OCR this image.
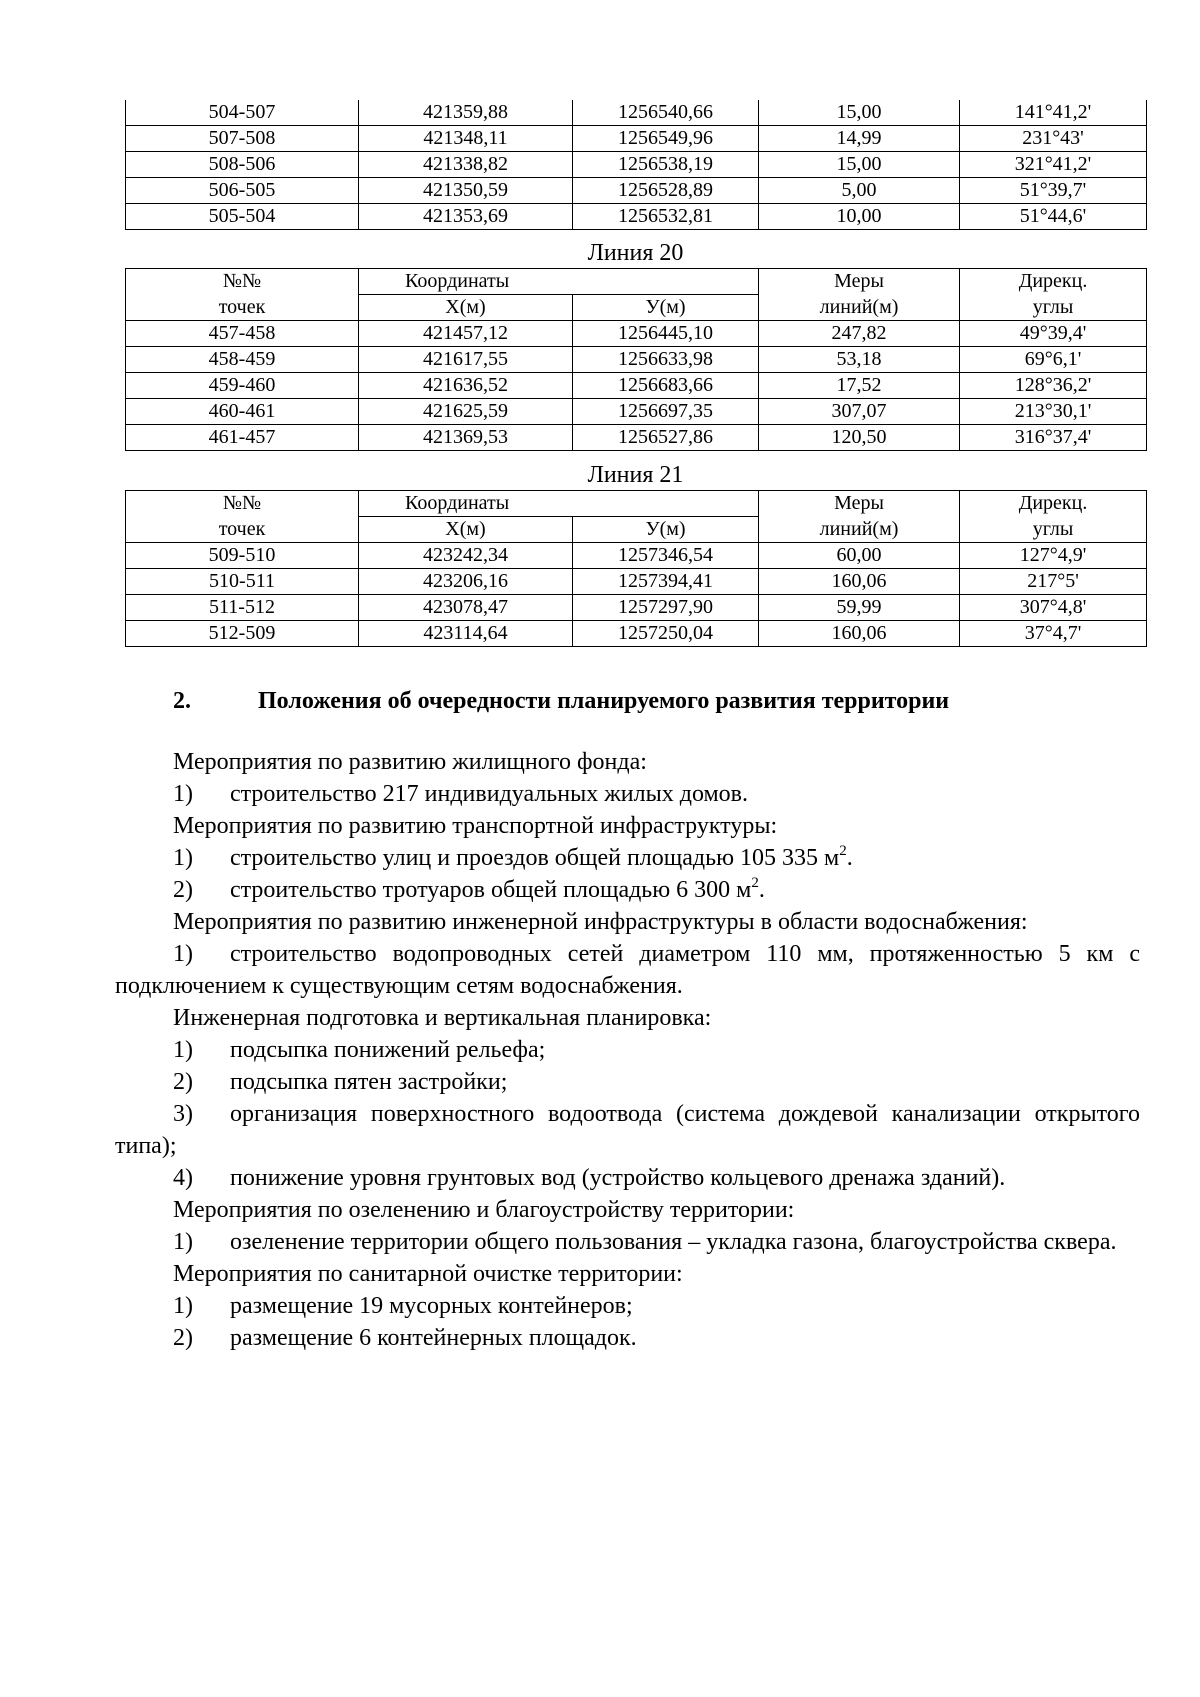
504-507	421359,88	1256540,66	15,00	141°41,2'
507-508	421348,11	1256549,96	14,99	231°43'
508-506	421338,82	1256538,19	15,00	321°41,2'
506-505	421350,59	1256528,89	5,00	51°39,7'
505-504	421353,69	1256532,81	10,00	51°44,6'
Линия 20
№№	Координаты		Меры	Дирекц.
точек	Х(м)	У(м)	линий(м)	углы
457-458	421457,12	1256445,10	247,82	49°39,4'
458-459	421617,55	1256633,98	53,18	69°6,1'
459-460	421636,52	1256683,66	17,52	128°36,2'
460-461	421625,59	1256697,35	307,07	213°30,1'
461-457	421369,53	1256527,86	120,50	316°37,4'
Линия 21
№№	Координаты		Меры	Дирекц.
точек	Х(м)	У(м)	линий(м)	углы
509-510	423242,34	1257346,54	60,00	127°4,9'
510-511	423206,16	1257394,41	160,06	217°5'
511-512	423078,47	1257297,90	59,99	307°4,8'
512-509	423114,64	1257250,04	160,06	37°4,7'
2.	Положения об очередности планируемого развития территории
Мероприятия по развитию жилищного фонда:
1) строительство 217 индивидуальных жилых домов.
Мероприятия по развитию транспортной инфраструктуры:
1) строительство улиц и проездов общей площадью 105 335 $м^2$.
2) строительство тротуаров общей площадью 6 300 $м^2$.
Мероприятия по развитию инженерной инфраструктуры в области водоснабжения:
1) строительство водопроводных сетей диаметром 110 мм, протяженностью 5 км с подключением к существующим сетям водоснабжения.
Инженерная подготовка и вертикальная планировка:
1) подсыпка понижений рельефа;
2) подсыпка пятен застройки;
3) организация поверхностного водоотвода (система дождевой канализации открытого типа);
4) понижение уровня грунтовых вод (устройство кольцевого дренажа зданий).
Мероприятия по озеленению и благоустройству территории:
1) озеленение территории общего пользования – укладка газона, благоустройства сквера.
Мероприятия по санитарной очистке территории:
1) размещение 19 мусорных контейнеров;
2) размещение 6 контейнерных площадок.
